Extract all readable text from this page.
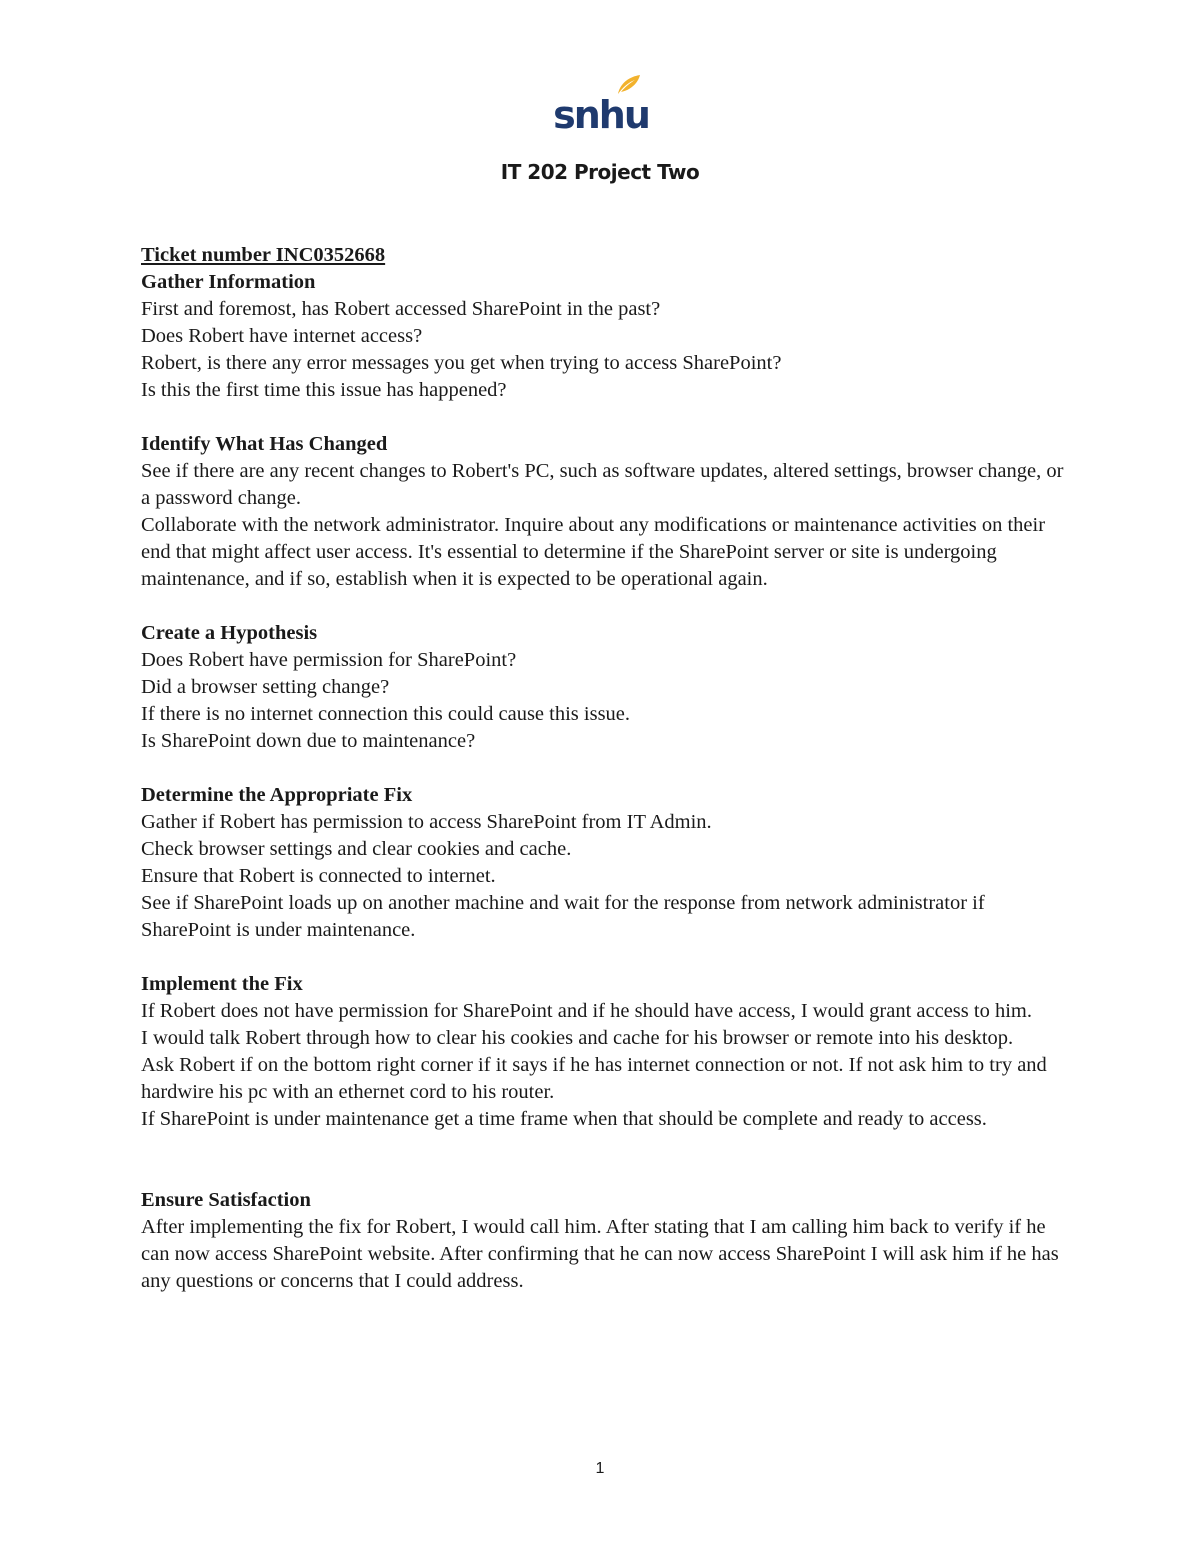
snhu
IT 202 Project Two

Ticket number INC0352668

Gather Information

First and foremost, has Robert accessed SharePoint in the past?

Does Robert have internet access?

Robert, is there any error messages you get when trying to access SharePoint?

Is this the first time this issue has happened?

Identify What Has Changed

See if there are any recent changes to Robert's PC, such as software updates, altered settings, browser change, or a password change.

Collaborate with the network administrator. Inquire about any modifications or maintenance activities on their end that might affect user access. It's essential to determine if the SharePoint server or site is undergoing maintenance, and if so, establish when it is expected to be operational again.

Create a Hypothesis

Does Robert have permission for SharePoint?

Did a browser setting change?

If there is no internet connection this could cause this issue.

Is SharePoint down due to maintenance?

Determine the Appropriate Fix

Gather if Robert has permission to access SharePoint from IT Admin.

Check browser settings and clear cookies and cache.

Ensure that Robert is connected to internet.

See if SharePoint loads up on another machine and wait for the response from network administrator if SharePoint is under maintenance.

Implement the Fix

If Robert does not have permission for SharePoint and if he should have access, I would grant access to him.

I would talk Robert through how to clear his cookies and cache for his browser or remote into his desktop.

Ask Robert if on the bottom right corner if it says if he has internet connection or not. If not ask him to try and hardwire his pc with an ethernet cord to his router.

If SharePoint is under maintenance get a time frame when that should be complete and ready to access.

Ensure Satisfaction

After implementing the fix for Robert, I would call him. After stating that I am calling him back to verify if he can now access SharePoint website. After confirming that he can now access SharePoint I will ask him if he has any questions or concerns that I could address.

1
